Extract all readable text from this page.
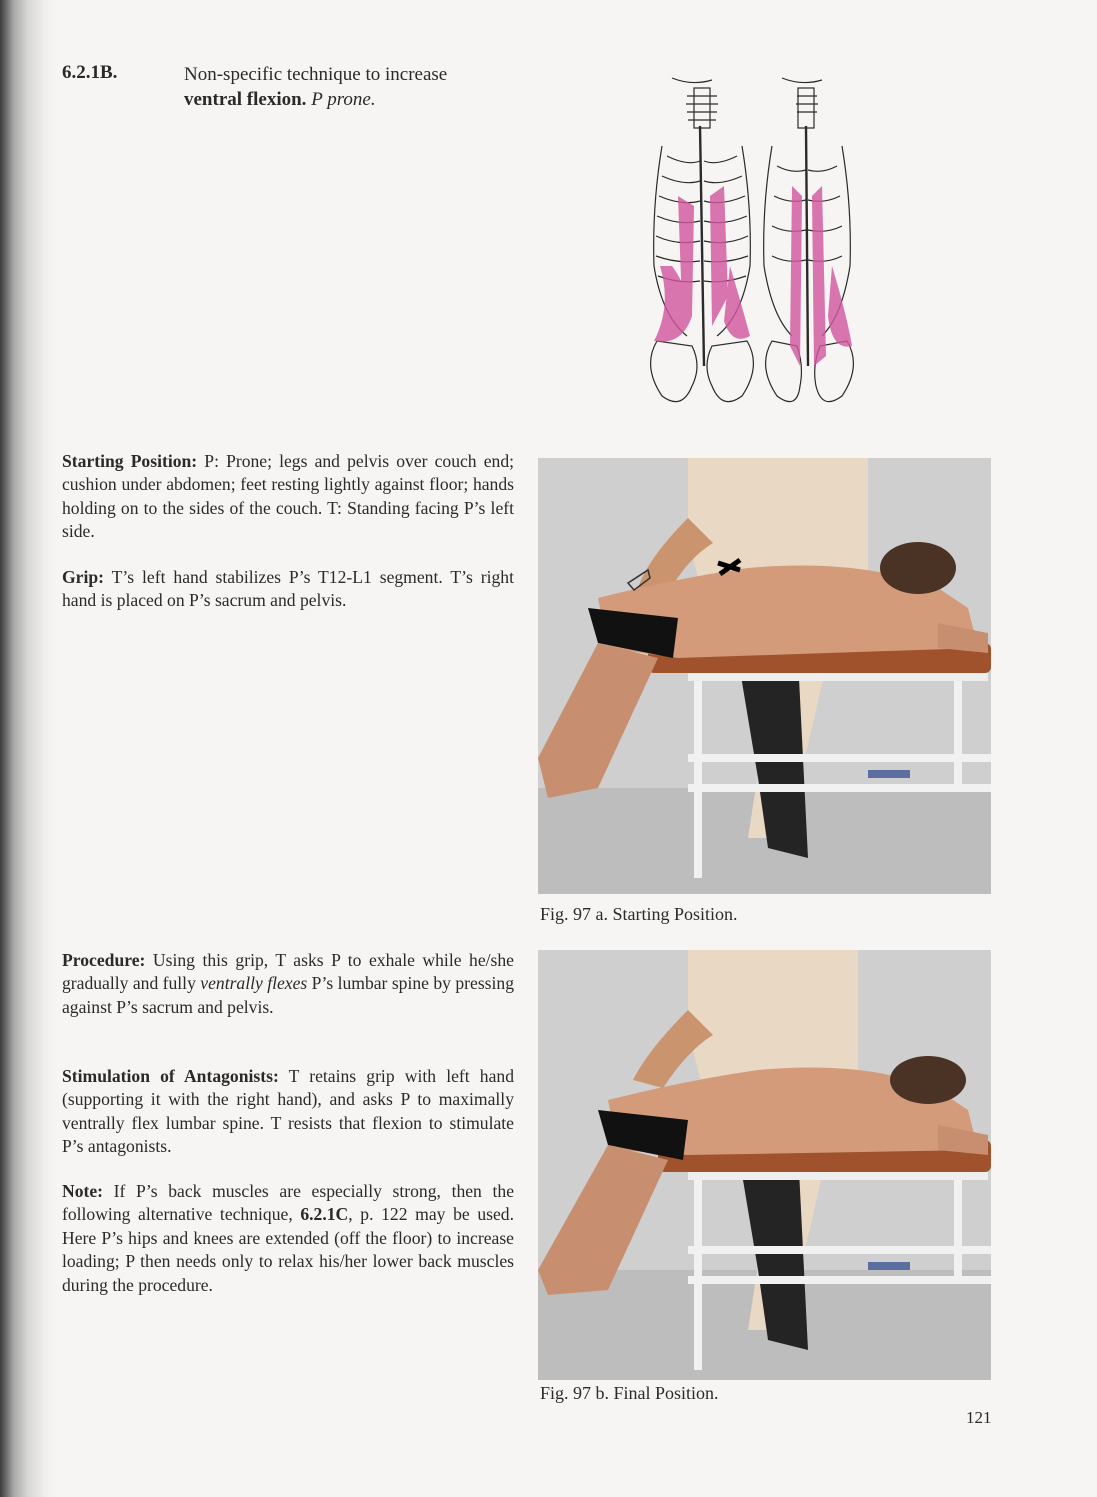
6.2.1B.	Non-specific technique to increase
ventral flexion. P prone.
Starting Position: P: Prone; legs and pelvis over couch end; cushion under abdomen; feet resting lightly against floor; hands holding on to the sides of the couch. T: Standing facing P’s left side.
Grip: T’s left hand stabilizes P’s T12-L1 segment. T’s right hand is placed on P’s sacrum and pelvis.
Procedure: Using this grip, T asks P to exhale while he/she gradually and fully ventrally flexes P’s lumbar spine by pressing against P’s sacrum and pelvis.
Stimulation of Antagonists: T retains grip with left hand (supporting it with the right hand), and asks P to maximally ventrally flex lumbar spine. T resists that flexion to stimulate P’s antagonists.
Note: If P’s back muscles are especially strong, then the following alternative technique, 6.2.1C, p. 122 may be used. Here P’s hips and knees are extended (off the floor) to increase loading; P then needs only to relax his/her lower back muscles during the procedure.
Fig. 97 a. Starting Position.
Fig. 97 b. Final Position.
121
